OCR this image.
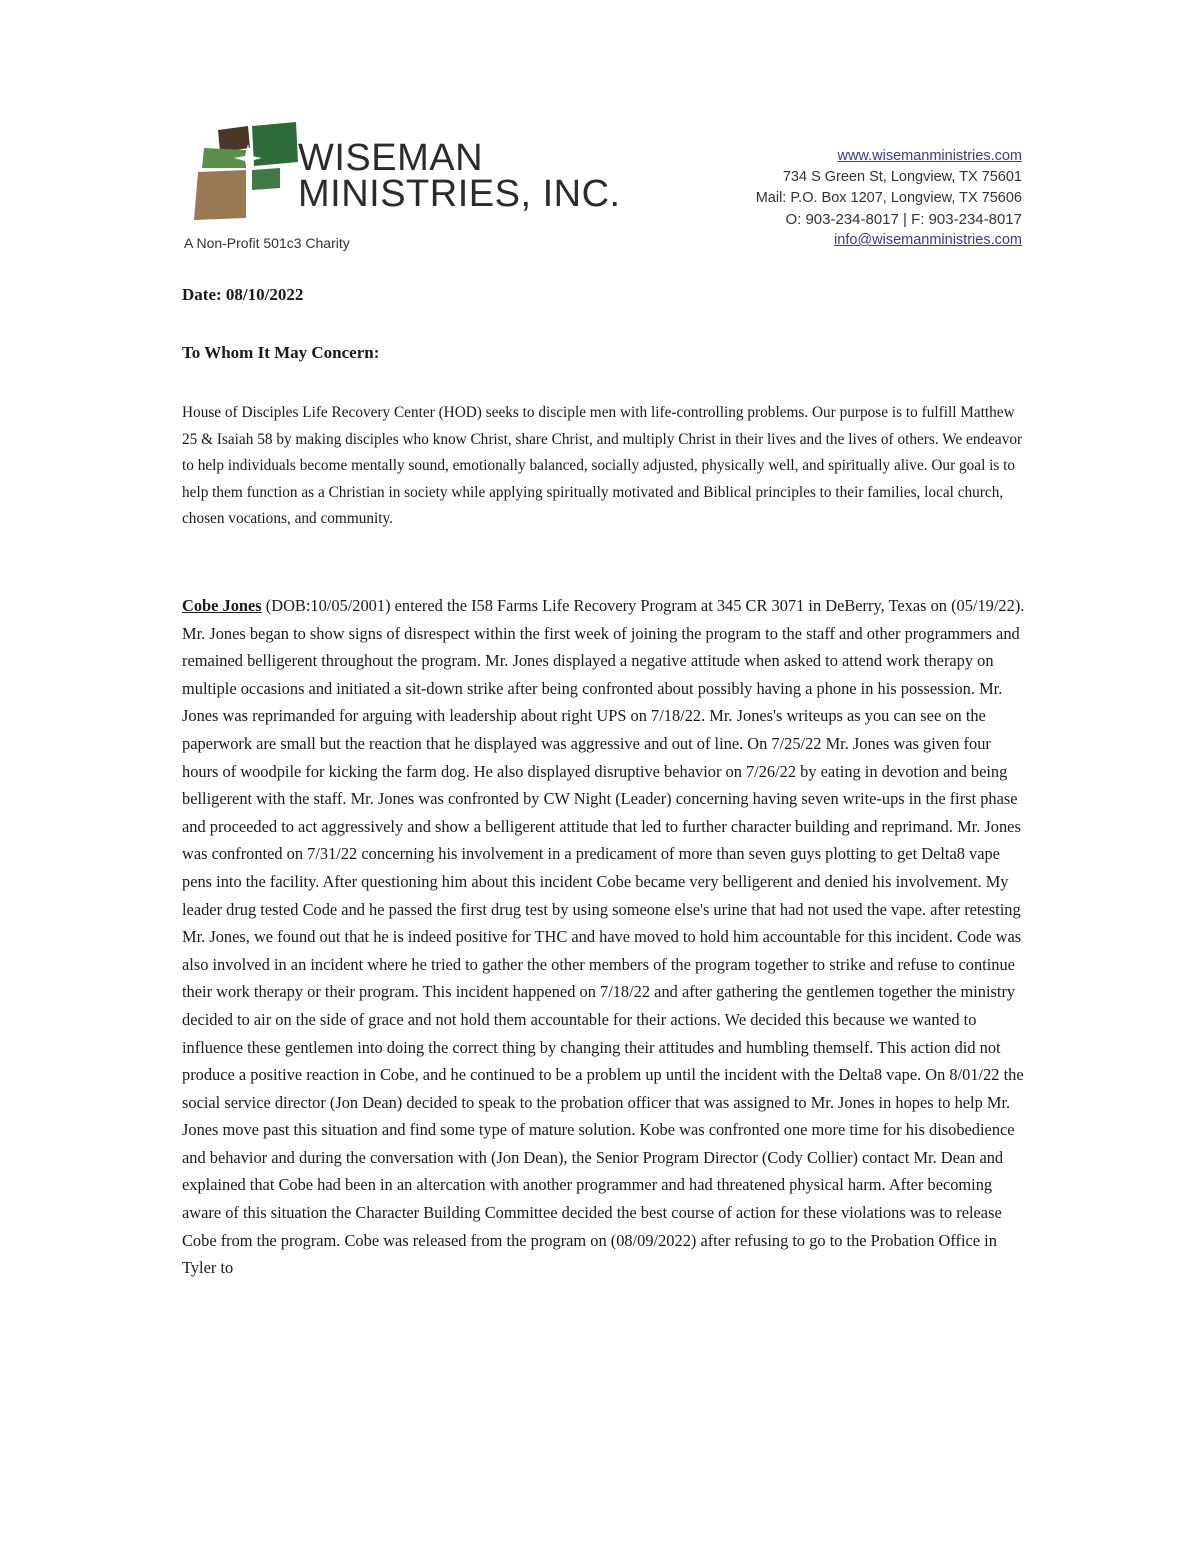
WISEMAN
MINISTRIES, INC.
A Non-Profit 501c3 Charity
www.wisemanministries.com
734 S Green St, Longview, TX 75601
Mail: P.O. Box 1207, Longview, TX 75606
O: 903-234-8017 | F: 903-234-8017
info@wisemanministries.com
Date: 08/10/2022
To Whom It May Concern:

House of Disciples Life Recovery Center (HOD) seeks to disciple men with life-controlling problems. Our purpose is to fulfill Matthew 25 & Isaiah 58 by making disciples who know Christ, share Christ, and multiply Christ in their lives and the lives of others. We endeavor to help individuals become mentally sound, emotionally balanced, socially adjusted, physically well, and spiritually alive. Our goal is to help them function as a Christian in society while applying spiritually motivated and Biblical principles to their families, local church, chosen vocations, and community.

Cobe Jones (DOB:10/05/2001) entered the I58 Farms Life Recovery Program at 345 CR 3071 in DeBerry, Texas on (05/19/22). Mr. Jones began to show signs of disrespect within the first week of joining the program to the staff and other programmers and remained belligerent throughout the program. Mr. Jones displayed a negative attitude when asked to attend work therapy on multiple occasions and initiated a sit-down strike after being confronted about possibly having a phone in his possession. Mr. Jones was reprimanded for arguing with leadership about right UPS on 7/18/22. Mr. Jones's writeups as you can see on the paperwork are small but the reaction that he displayed was aggressive and out of line. On 7/25/22 Mr. Jones was given four hours of woodpile for kicking the farm dog. He also displayed disruptive behavior on 7/26/22 by eating in devotion and being belligerent with the staff. Mr. Jones was confronted by CW Night (Leader) concerning having seven write-ups in the first phase and proceeded to act aggressively and show a belligerent attitude that led to further character building and reprimand. Mr. Jones was confronted on 7/31/22 concerning his involvement in a predicament of more than seven guys plotting to get Delta8 vape pens into the facility. After questioning him about this incident Cobe became very belligerent and denied his involvement. My leader drug tested Code and he passed the first drug test by using someone else's urine that had not used the vape. after retesting Mr. Jones, we found out that he is indeed positive for THC and have moved to hold him accountable for this incident. Code was also involved in an incident where he tried to gather the other members of the program together to strike and refuse to continue their work therapy or their program. This incident happened on 7/18/22 and after gathering the gentlemen together the ministry decided to air on the side of grace and not hold them accountable for their actions. We decided this because we wanted to influence these gentlemen into doing the correct thing by changing their attitudes and humbling themself. This action did not produce a positive reaction in Cobe, and he continued to be a problem up until the incident with the Delta8 vape. On 8/01/22 the social service director (Jon Dean) decided to speak to the probation officer that was assigned to Mr. Jones in hopes to help Mr. Jones move past this situation and find some type of mature solution. Kobe was confronted one more time for his disobedience and behavior and during the conversation with (Jon Dean), the Senior Program Director (Cody Collier) contact Mr. Dean and explained that Cobe had been in an altercation with another programmer and had threatened physical harm. After becoming aware of this situation the Character Building Committee decided the best course of action for these violations was to release Cobe from the program. Cobe was released from the program on (08/09/2022) after refusing to go to the Probation Office in Tyler to
